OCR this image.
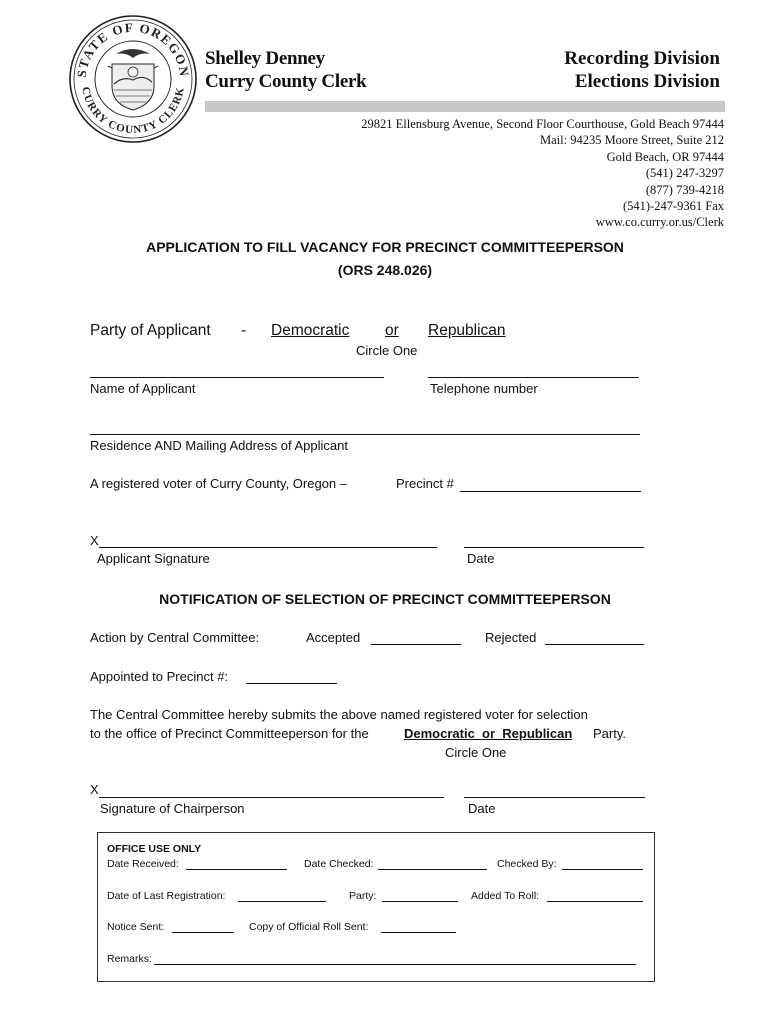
STATE OF OREGON
CURRY COUNTY CLERK
Shelley Denney
Curry County Clerk
Recording Division
Elections Division
29821 Ellensburg Avenue, Second Floor Courthouse, Gold Beach 97444
Mail: 94235 Moore Street, Suite 212
Gold Beach, OR 97444
(541) 247-3297
(877) 739-4218
(541)-247-9361 Fax
www.co.curry.or.us/Clerk
APPLICATION TO FILL VACANCY FOR PRECINCT COMMITTEEPERSON
(ORS 248.026)
Party of Applicant - Democratic or Republican
Circle One
Name of Applicant	Telephone number
Residence AND Mailing Address of Applicant
A registered voter of Curry County, Oregon –	Precinct #
X
Applicant Signature	Date
NOTIFICATION OF SELECTION OF PRECINCT COMMITTEEPERSON
Action by Central Committee:	Accepted	Rejected
Appointed to Precinct #:
The Central Committee hereby submits the above named registered voter for selection
to the office of Precinct Committeeperson for the	Democratic  or  Republican Party.
Circle One
X
Signature of Chairperson	Date
OFFICE USE ONLY
Date Received:	Date Checked:	Checked By:
Date of Last Registration:	Party:	Added To Roll:
Notice Sent:	Copy of Official Roll Sent:
Remarks:
